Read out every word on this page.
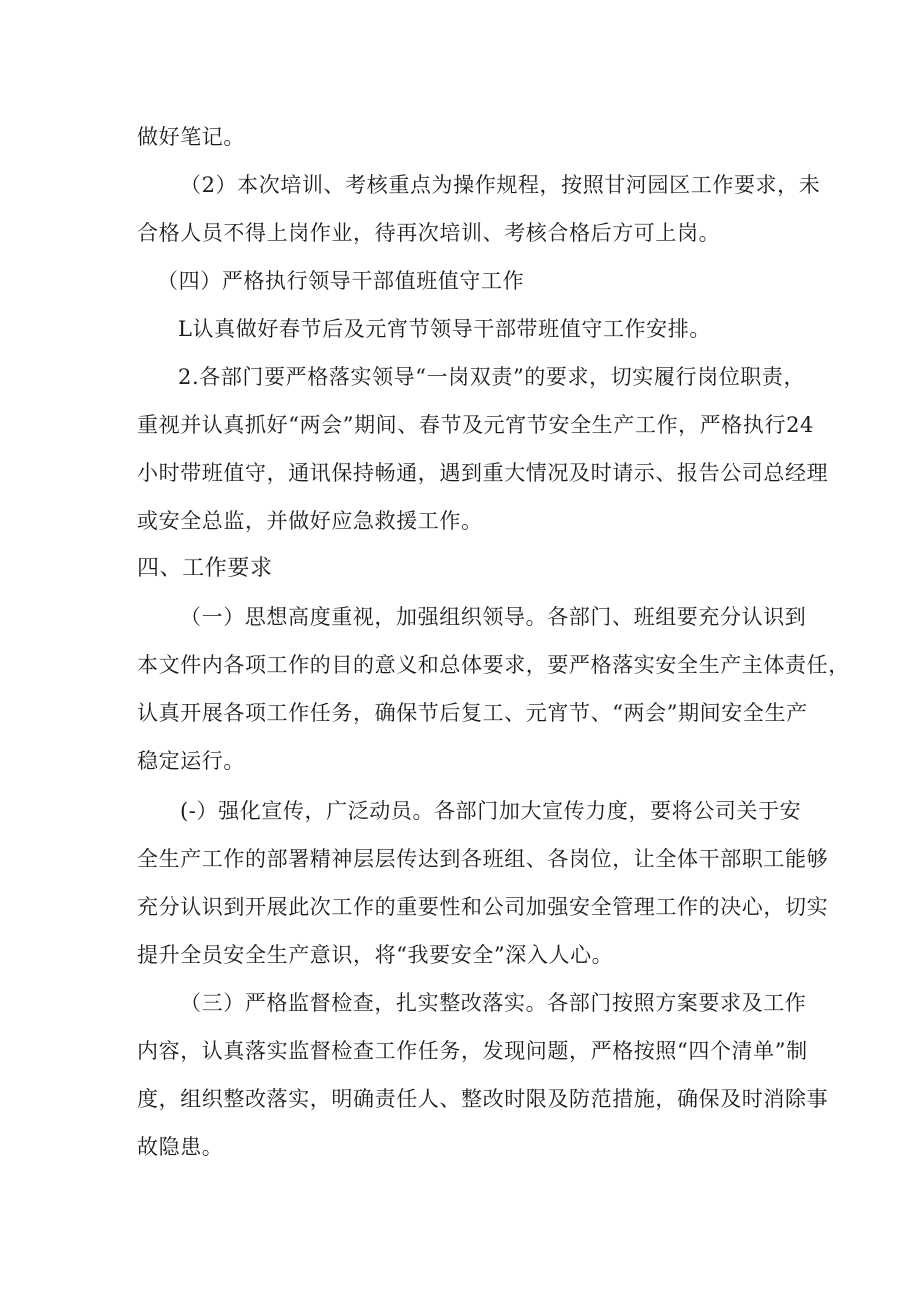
做好笔记。
（2）本次培训、考核重点为操作规程，按照甘河园区工作要求，未
合格人员不得上岗作业，待再次培训、考核合格后方可上岗。
（四）严格执行领导干部值班值守工作
L认真做好春节后及元宵节领导干部带班值守工作安排。
2.各部门要严格落实领导“一岗双责”的要求，切实履行岗位职责，
重视并认真抓好“两会”期间、春节及元宵节安全生产工作，严格执行24
小时带班值守，通讯保持畅通，遇到重大情况及时请示、报告公司总经理
或安全总监，并做好应急救援工作。
四、工作要求
（一）思想高度重视，加强组织领导。各部门、班组要充分认识到
本文件内各项工作的目的意义和总体要求，要严格落实安全生产主体责任，
认真开展各项工作任务，确保节后复工、元宵节、“两会”期间安全生产
稳定运行。
(-）强化宣传，广泛动员。各部门加大宣传力度，要将公司关于安
全生产工作的部署精神层层传达到各班组、各岗位，让全体干部职工能够
充分认识到开展此次工作的重要性和公司加强安全管理工作的决心，切实
提升全员安全生产意识，将“我要安全”深入人心。
（三）严格监督检查，扎实整改落实。各部门按照方案要求及工作
内容，认真落实监督检查工作任务，发现问题，严格按照“四个清单”制
度，组织整改落实，明确责任人、整改时限及防范措施，确保及时消除事
故隐患。
